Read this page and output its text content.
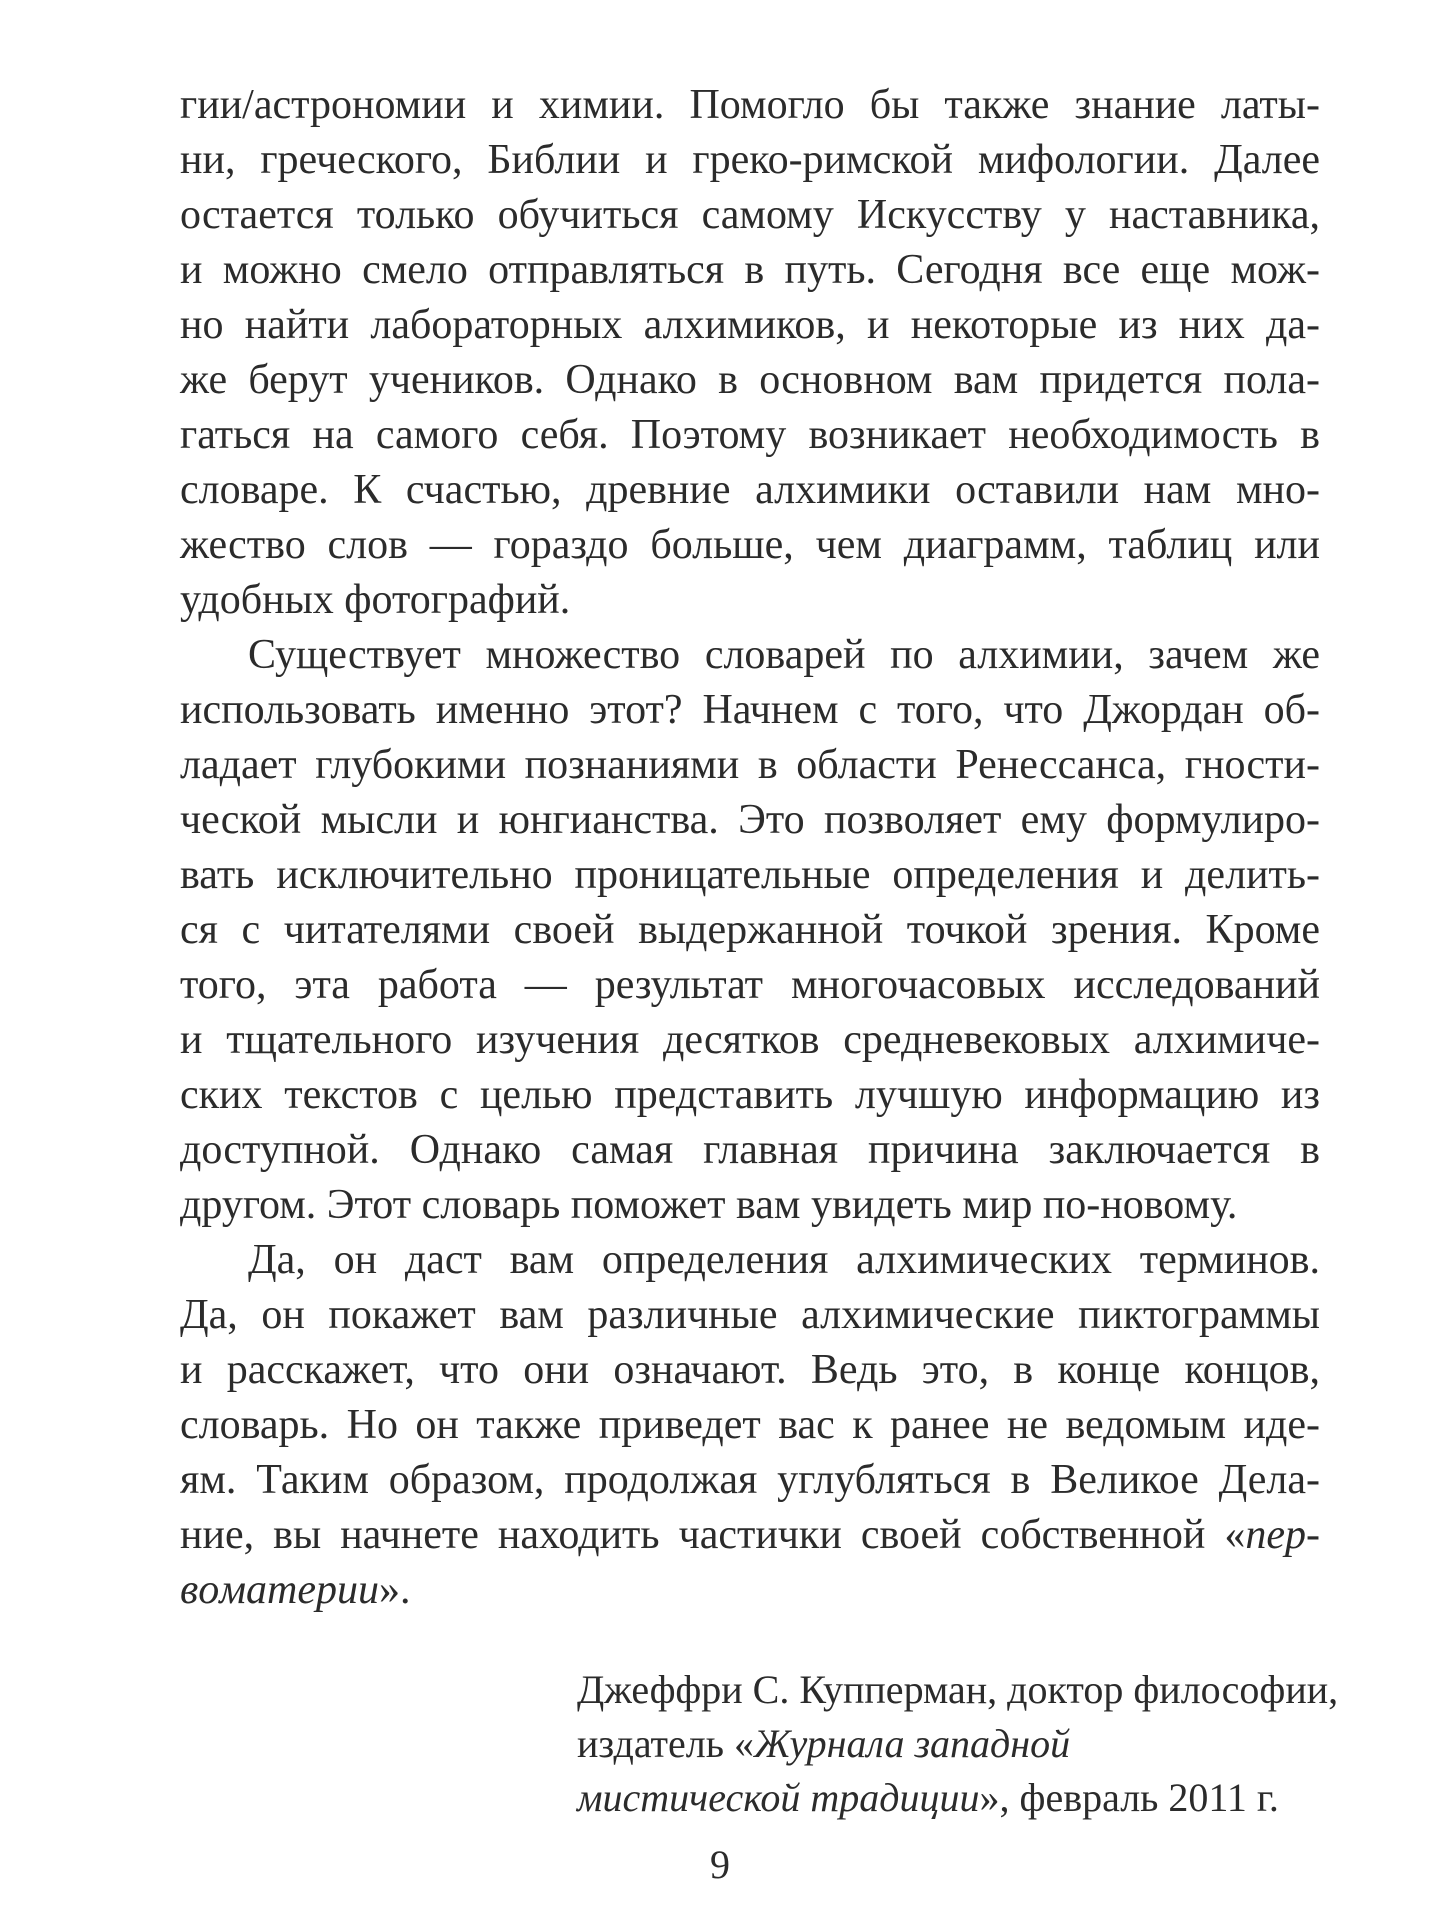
гии/астрономии и химии. Помогло бы также знание латы-
ни, греческого, Библии и греко-римской мифологии. Далее
остается только обучиться самому Искусству у наставника,
и можно смело отправляться в путь. Сегодня все еще мож-
но найти лабораторных алхимиков, и некоторые из них да-
же берут учеников. Однако в основном вам придется пола-
гаться на самого себя. Поэтому возникает необходимость в
словаре. К счастью, древние алхимики оставили нам мно-
жество слов — гораздо больше, чем диаграмм, таблиц или
удобных фотографий.
Существует множество словарей по алхимии, зачем же
использовать именно этот? Начнем с того, что Джордан об-
ладает глубокими познаниями в области Ренессанса, гности-
ческой мысли и юнгианства. Это позволяет ему формулиро-
вать исключительно проницательные определения и делить-
ся с читателями своей выдержанной точкой зрения. Кроме
того, эта работа — результат многочасовых исследований
и тщательного изучения десятков средневековых алхимиче-
ских текстов с целью представить лучшую информацию из
доступной. Однако самая главная причина заключается в
другом. Этот словарь поможет вам увидеть мир по-новому.
Да, он даст вам определения алхимических терминов.
Да, он покажет вам различные алхимические пиктограммы
и расскажет, что они означают. Ведь это, в конце концов,
словарь. Но он также приведет вас к ранее не ведомым иде-
ям. Таким образом, продолжая углубляться в Великое Дела-
ние, вы начнете находить частички своей собственной «пер-
вoматерии».
Джеффри С. Купперман, доктор философии,
издатель «Журнала западной
мистической традиции», февраль 2011 г.
9
